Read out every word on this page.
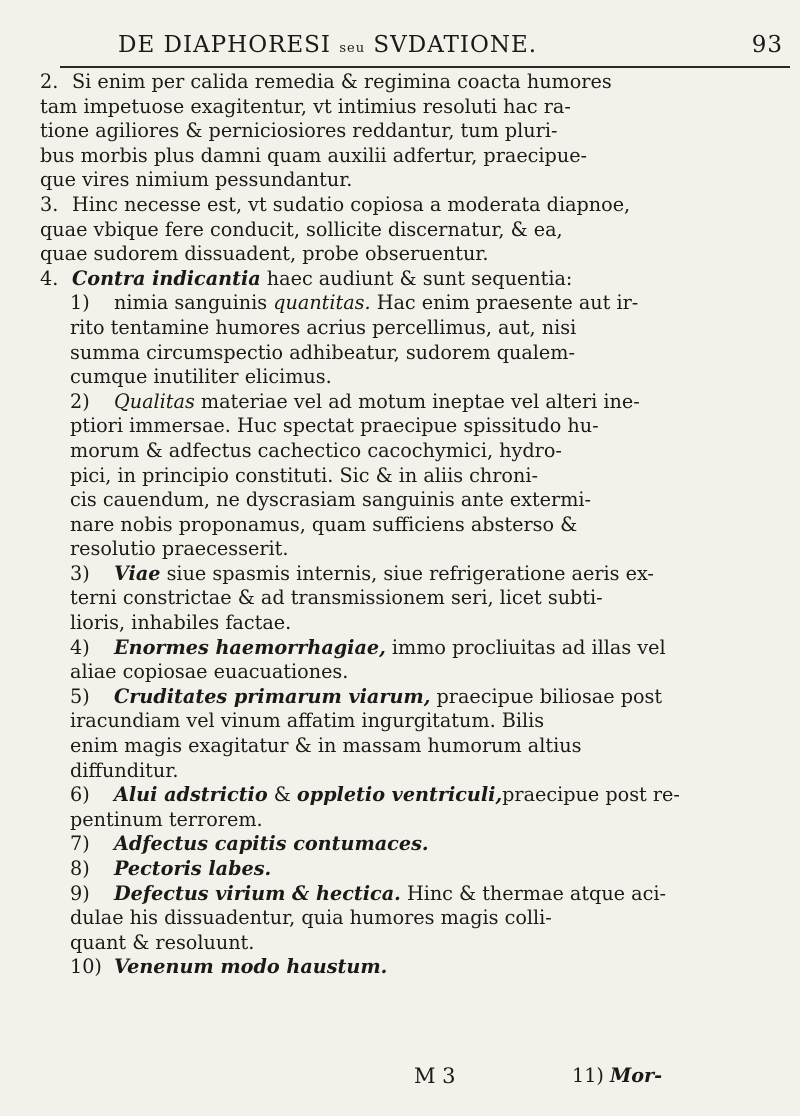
DE DIAPHORESI seu SVDATIONE.	93
2. Si enim per calida remedia & regimina coacta humores
tam impetuose exagitentur, vt intimius resoluti hac ra-
tione agiliores & perniciosiores reddantur, tum pluri-
bus morbis plus damni quam auxilii adfertur, praecipue-
que vires nimium pessundantur.
3. Hinc necesse est, vt sudatio copiosa a moderata diapnoe,
quae vbique fere conducit, sollicite discernatur, & ea,
quae sudorem dissuadent, probe obseruentur.
4. Contra indicantia haec audiunt & sunt sequentia:
1) nimia sanguinis quantitas. Hac enim praesente aut ir-
rito tentamine humores acrius percellimus, aut, nisi
summa circumspectio adhibeatur, sudorem qualem-
cumque inutiliter elicimus.
2) Qualitas materiae vel ad motum ineptae vel alteri ine-
ptiori immersae. Huc spectat praecipue spissitudo hu-
morum & adfectus cachectico cacochymici, hydro-
pici, in principio constituti. Sic & in aliis chroni-
cis cauendum, ne dyscrasiam sanguinis ante extermi-
nare nobis proponamus, quam sufficiens absterso &
resolutio praecesserit.
3) Viae siue spasmis internis, siue refrigeratione aeris ex-
terni constrictae & ad transmissionem seri, licet subti-
lioris, inhabiles factae.
4) Enormes haemorrhagiae, immo procliuitas ad illas vel
aliae copiosae euacuationes.
5) Cruditates primarum viarum, praecipue biliosae post
iracundiam vel vinum affatim ingurgitatum. Bilis
enim magis exagitatur & in massam humorum altius
diffunditur.
6) Alui adstrictio & oppletio ventriculi,praecipue post re-
pentinum terrorem.
7) Adfectus capitis contumaces.
8) Pectoris labes.
9) Defectus virium & hectica. Hinc & thermae atque aci-
dulae his dissuadentur, quia humores magis colli-
quant & resoluunt.
10) Venenum modo haustum.
M 3	11) Mor-
